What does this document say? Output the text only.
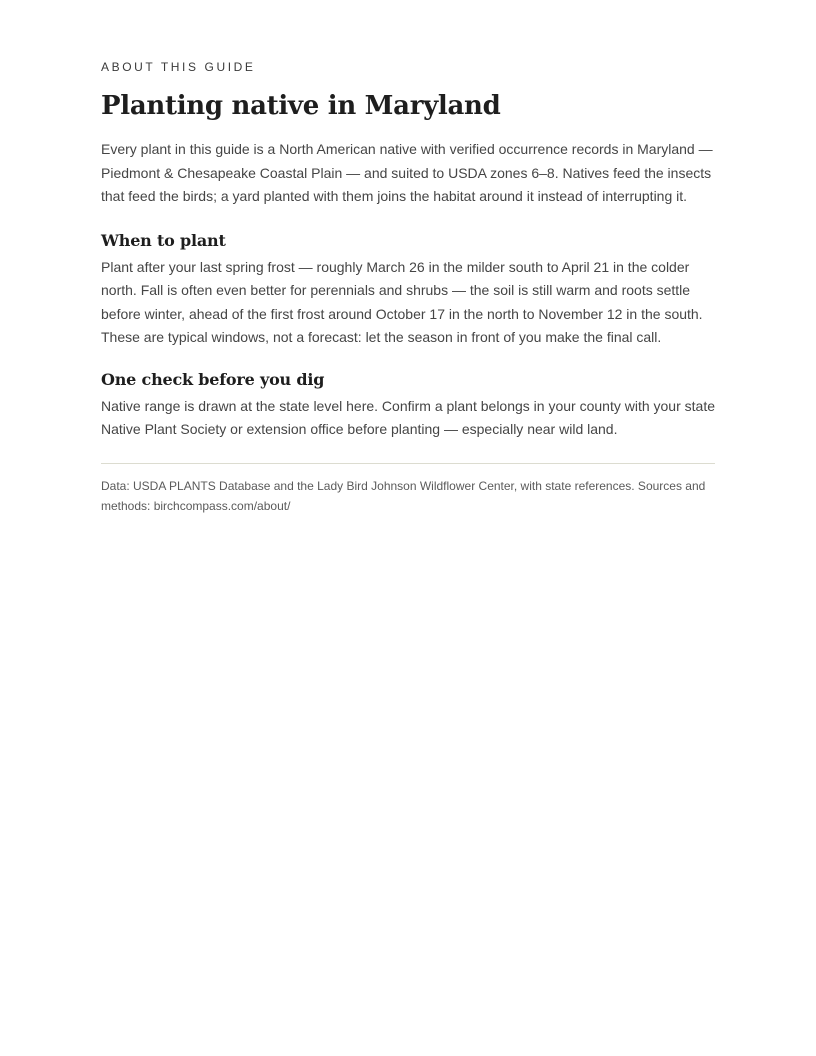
ABOUT THIS GUIDE

Planting native in Maryland

Every plant in this guide is a North American native with verified occurrence records in Maryland — Piedmont & Chesapeake Coastal Plain — and suited to USDA zones 6–8. Natives feed the insects that feed the birds; a yard planted with them joins the habitat around it instead of interrupting it.

When to plant

Plant after your last spring frost — roughly March 26 in the milder south to April 21 in the colder north. Fall is often even better for perennials and shrubs — the soil is still warm and roots settle before winter, ahead of the first frost around October 17 in the north to November 12 in the south. These are typical windows, not a forecast: let the season in front of you make the final call.

One check before you dig

Native range is drawn at the state level here. Confirm a plant belongs in your county with your state Native Plant Society or extension office before planting — especially near wild land.

Data: USDA PLANTS Database and the Lady Bird Johnson Wildflower Center, with state references. Sources and methods: birchcompass.com/about/
